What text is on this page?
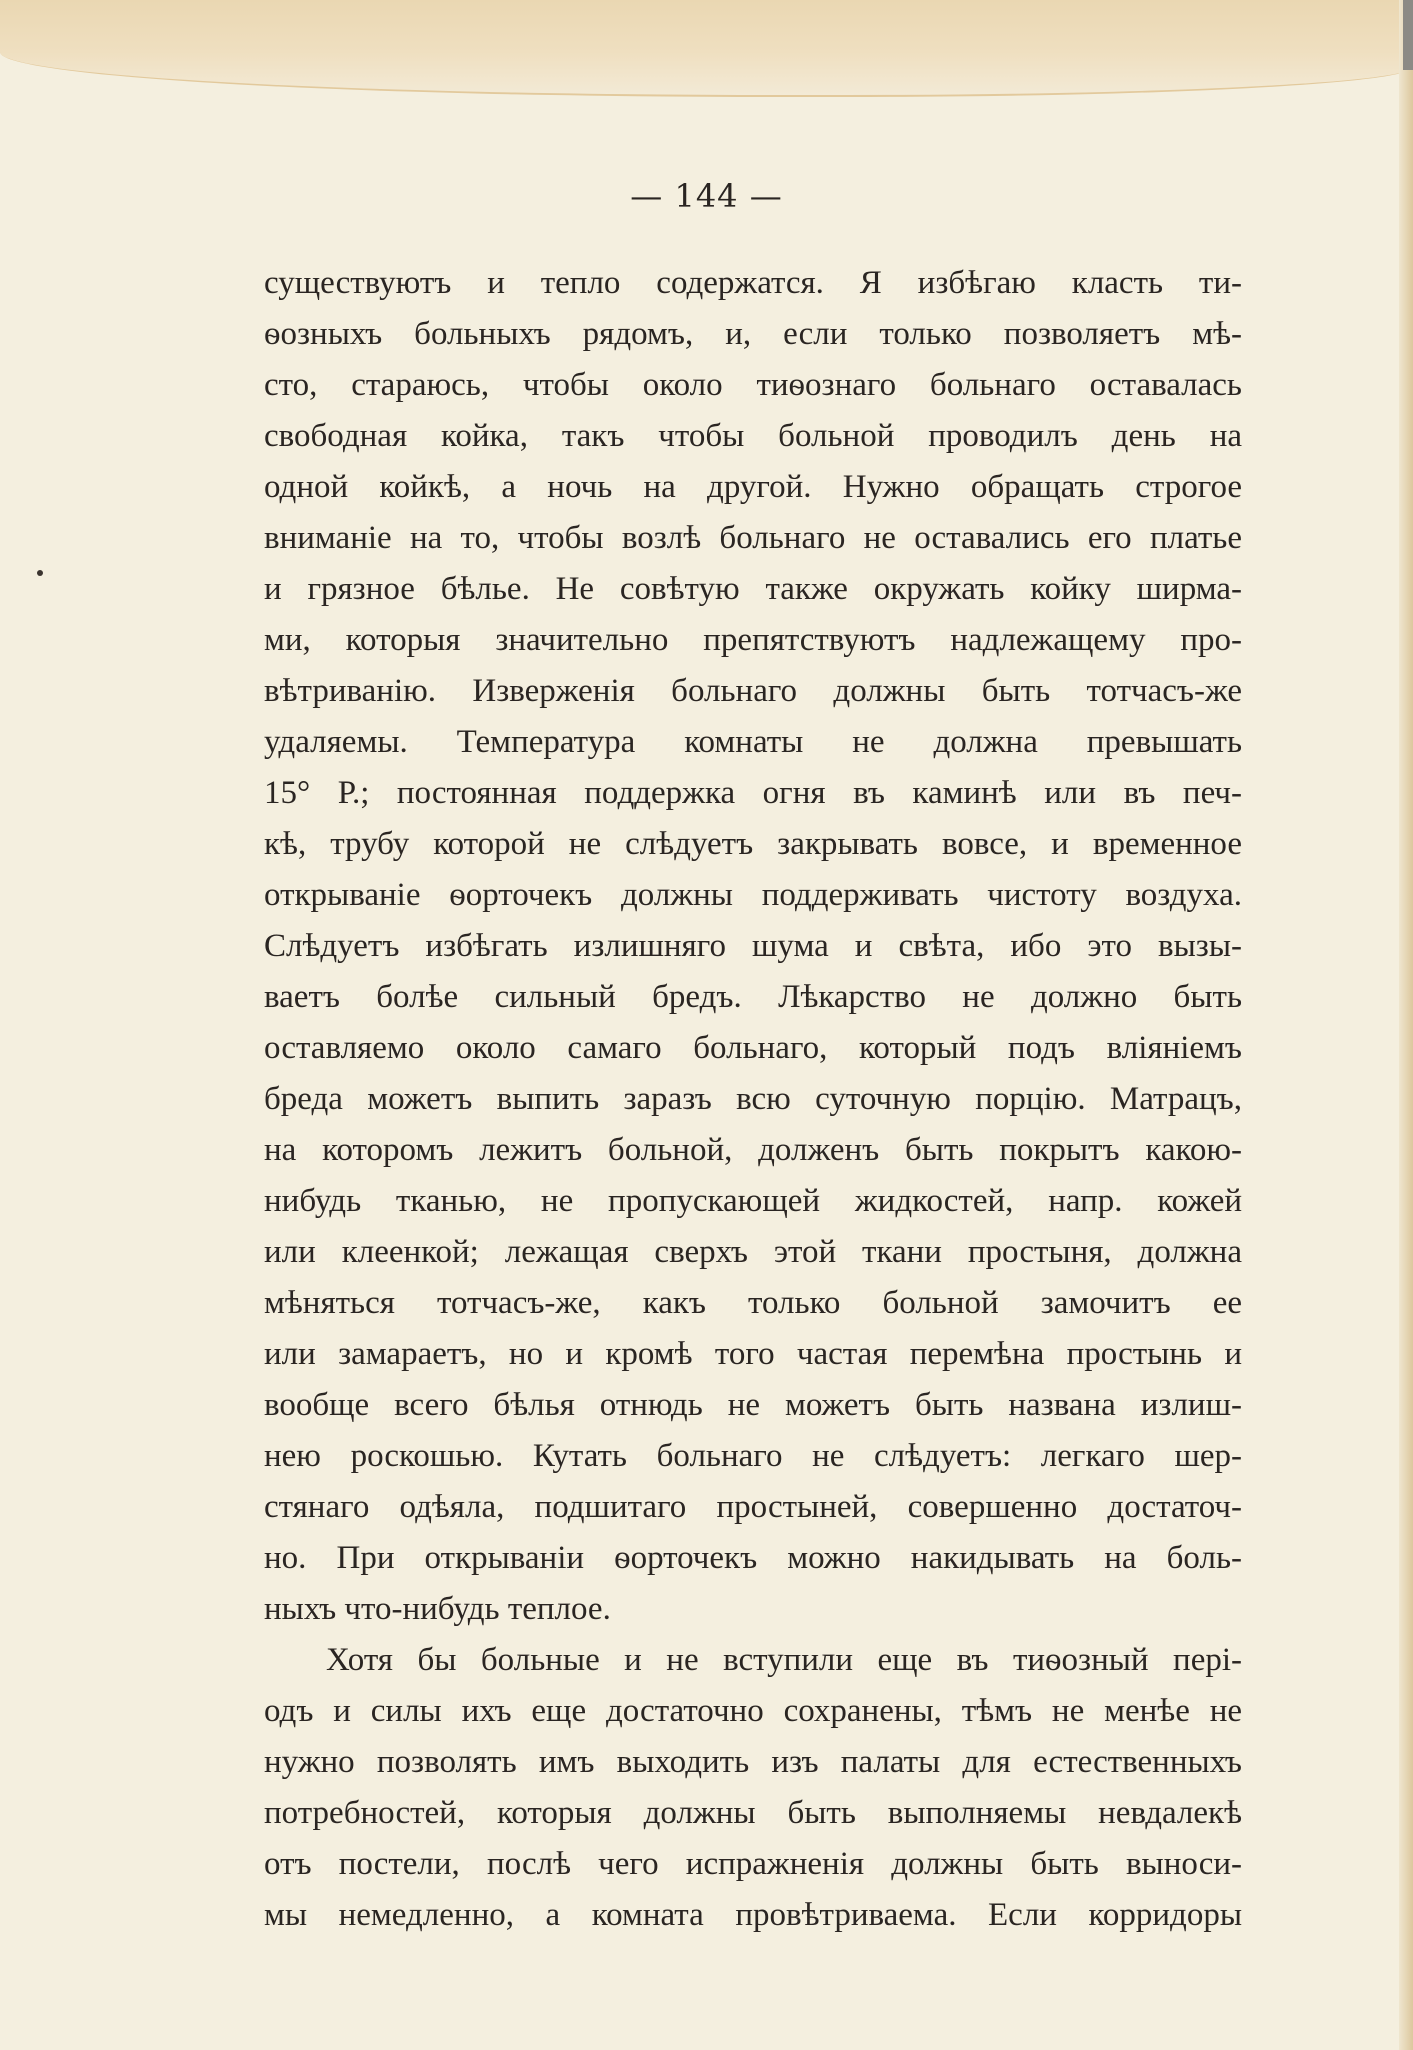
— 144 —
существуютъ и тепло содержатся. Я избѣгаю класть ти-
ѳозныхъ больныхъ рядомъ, и, если только позволяетъ мѣ-
сто, стараюсь, чтобы около тиѳознаго больнаго оставалась
свободная койка, такъ чтобы больной проводилъ день на
одной койкѣ, а ночь на другой. Нужно обращать строгое
вниманіе на то, чтобы возлѣ больнаго не оставались его платье
и грязное бѣлье. Не совѣтую также окружать койку ширма-
ми, которыя значительно препятствуютъ надлежащему про-
вѣтриванію. Изверженія больнаго должны быть тотчасъ-же
удаляемы. Температура комнаты не должна превышать
15° Р.; постоянная поддержка огня въ каминѣ или въ печ-
кѣ, трубу которой не слѣдуетъ закрывать вовсе, и временное
открываніе ѳорточекъ должны поддерживать чистоту воздуха.
Слѣдуетъ избѣгать излишняго шума и свѣта, ибо это вызы-
ваетъ болѣе сильный бредъ. Лѣкарство не должно быть
оставляемо около самаго больнаго, который подъ вліяніемъ
бреда можетъ выпить заразъ всю суточную порцію. Матрацъ,
на которомъ лежитъ больной, долженъ быть покрытъ какою-
нибудь тканью, не пропускающей жидкостей, напр. кожей
или клеенкой; лежащая сверхъ этой ткани простыня, должна
мѣняться тотчасъ-же, какъ только больной замочитъ ее
или замараетъ, но и кромѣ того частая перемѣна простынь и
вообще всего бѣлья отнюдь не можетъ быть названа излиш-
нею роскошью. Кутать больнаго не слѣдуетъ: легкаго шер-
стянаго одѣяла, подшитаго простыней, совершенно достаточ-
но. При открываніи ѳорточекъ можно накидывать на боль-
ныхъ что-нибудь теплое.
Хотя бы больные и не вступили еще въ тиѳозный пері-
одъ и силы ихъ еще достаточно сохранены, тѣмъ не менѣе не
нужно позволять имъ выходить изъ палаты для естественныхъ
потребностей, которыя должны быть выполняемы невдалекѣ
отъ постели, послѣ чего испражненія должны быть выноси-
мы немедленно, а комната провѣтриваема. Если корридоры
